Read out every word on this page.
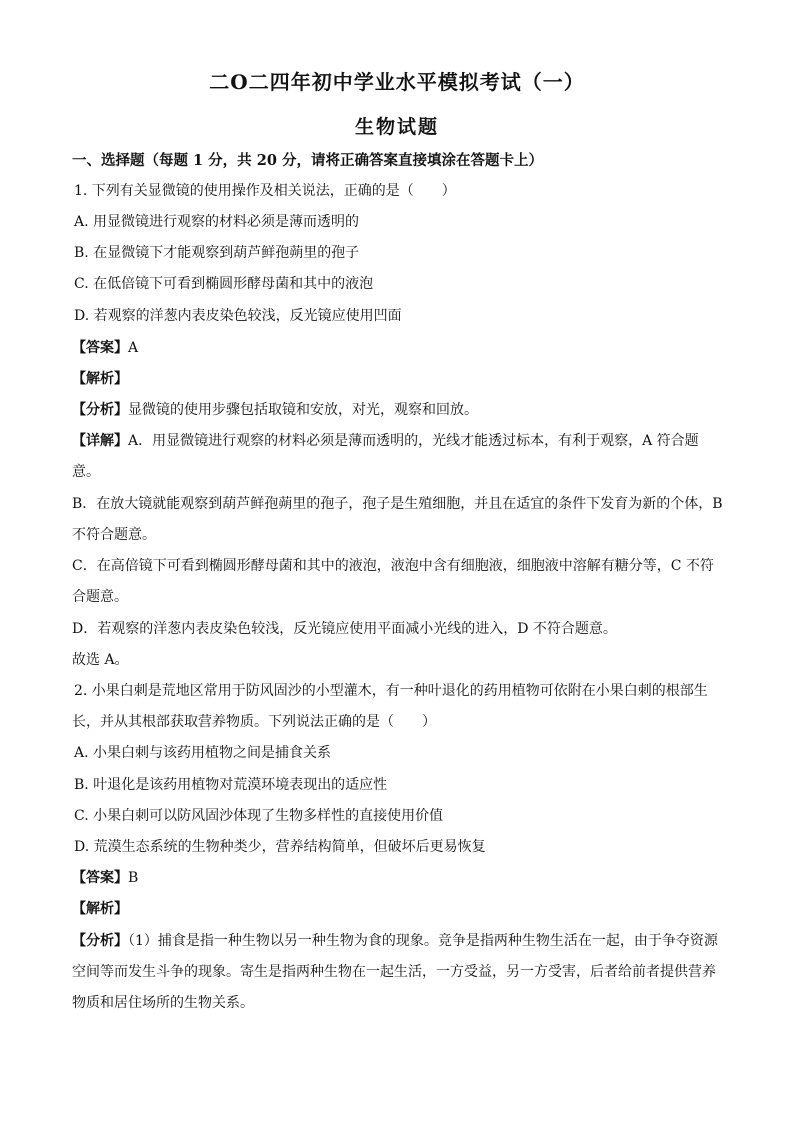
二O二四年初中学业水平模拟考试（一）
生物试题
一、选择题（每题 1 分，共 20 分，请将正确答案直接填涂在答题卡上）
1. 下列有关显微镜的使用操作及相关说法，正确的是（　　）
A. 用显微镜进行观察的材料必须是薄而透明的
B. 在显微镜下才能观察到葫芦鲜孢蒴里的孢子
C. 在低倍镜下可看到椭圆形酵母菌和其中的液泡
D. 若观察的洋葱内表皮染色较浅，反光镜应使用凹面
【答案】A
【解析】
【分析】显微镜的使用步骤包括取镜和安放，对光，观察和回放。
【详解】A．用显微镜进行观察的材料必须是薄而透明的，光线才能透过标本，有利于观察，A 符合题
意。
B．在放大镜就能观察到葫芦鲜孢蒴里的孢子，孢子是生殖细胞，并且在适宜的条件下发育为新的个体，B
不符合题意。
C．在高倍镜下可看到椭圆形酵母菌和其中的液泡，液泡中含有细胞液，细胞液中溶解有糖分等，C 不符
合题意。
D．若观察的洋葱内表皮染色较浅，反光镜应使用平面减小光线的进入，D 不符合题意。
故选 A。
2. 小果白刺是荒地区常用于防风固沙的小型灌木，有一种叶退化的药用植物可依附在小果白刺的根部生
长，并从其根部获取营养物质。下列说法正确的是（　　）
A. 小果白刺与该药用植物之间是捕食关系
B. 叶退化是该药用植物对荒漠环境表现出的适应性
C. 小果白刺可以防风固沙体现了生物多样性的直接使用价值
D. 荒漠生态系统的生物种类少，营养结构简单，但破坏后更易恢复
【答案】B
【解析】
【分析】（1）捕食是指一种生物以另一种生物为食的现象。竞争是指两种生物生活在一起，由于争夺资源
空间等而发生斗争的现象。寄生是指两种生物在一起生活，一方受益，另一方受害，后者给前者提供营养
物质和居住场所的生物关系。
